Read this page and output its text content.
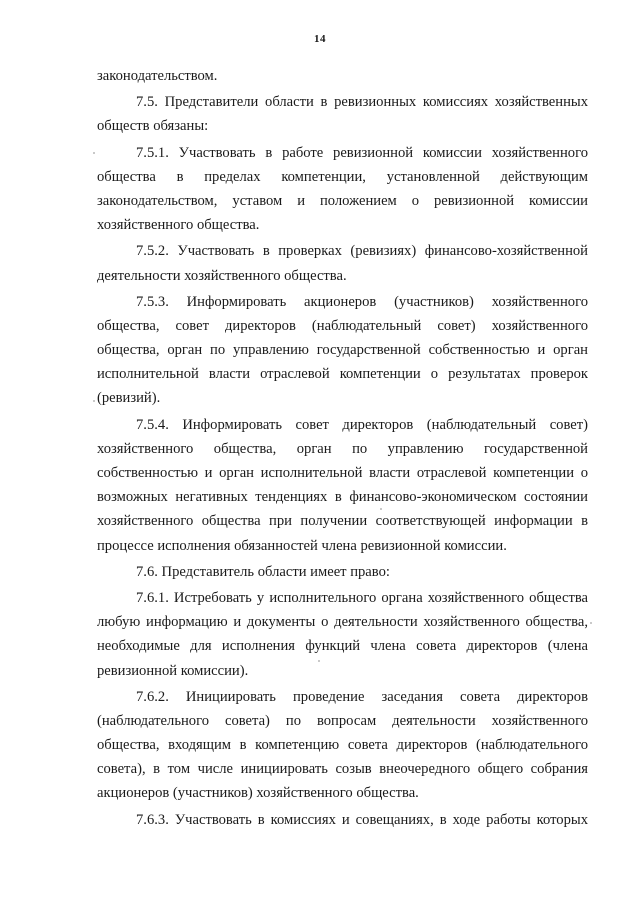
14
законодательством.
7.5. Представители области в ревизионных комиссиях хозяйственных
обществ обязаны:
7.5.1. Участвовать в работе ревизионной комиссии хозяйственного
общества в пределах компетенции, установленной действующим
законодательством, уставом и положением о ревизионной комиссии
хозяйственного общества.
7.5.2. Участвовать в проверках (ревизиях) финансово-хозяйственной
деятельности хозяйственного общества.
7.5.3. Информировать акционеров (участников) хозяйственного
общества, совет директоров (наблюдательный совет) хозяйственного
общества, орган по управлению государственной собственностью и орган
исполнительной власти отраслевой компетенции о результатах проверок
(ревизий).
7.5.4. Информировать совет директоров (наблюдательный совет)
хозяйственного общества, орган по управлению государственной
собственностью и орган исполнительной власти отраслевой компетенции о
возможных негативных тенденциях в финансово-экономическом состоянии
хозяйственного общества при получении соответствующей информации в
процессе исполнения обязанностей члена ревизионной комиссии.
7.6. Представитель области имеет право:
7.6.1. Истребовать у исполнительного органа хозяйственного общества
любую информацию и документы о деятельности хозяйственного общества,
необходимые для исполнения функций члена совета директоров (члена
ревизионной комиссии).
7.6.2. Инициировать проведение заседания совета директоров
(наблюдательного совета) по вопросам деятельности хозяйственного
общества, входящим в компетенцию совета директоров (наблюдательного
совета), в том числе инициировать созыв внеочередного общего собрания
акционеров (участников) хозяйственного общества.
7.6.3. Участвовать в комиссиях и совещаниях, в ходе работы которых
